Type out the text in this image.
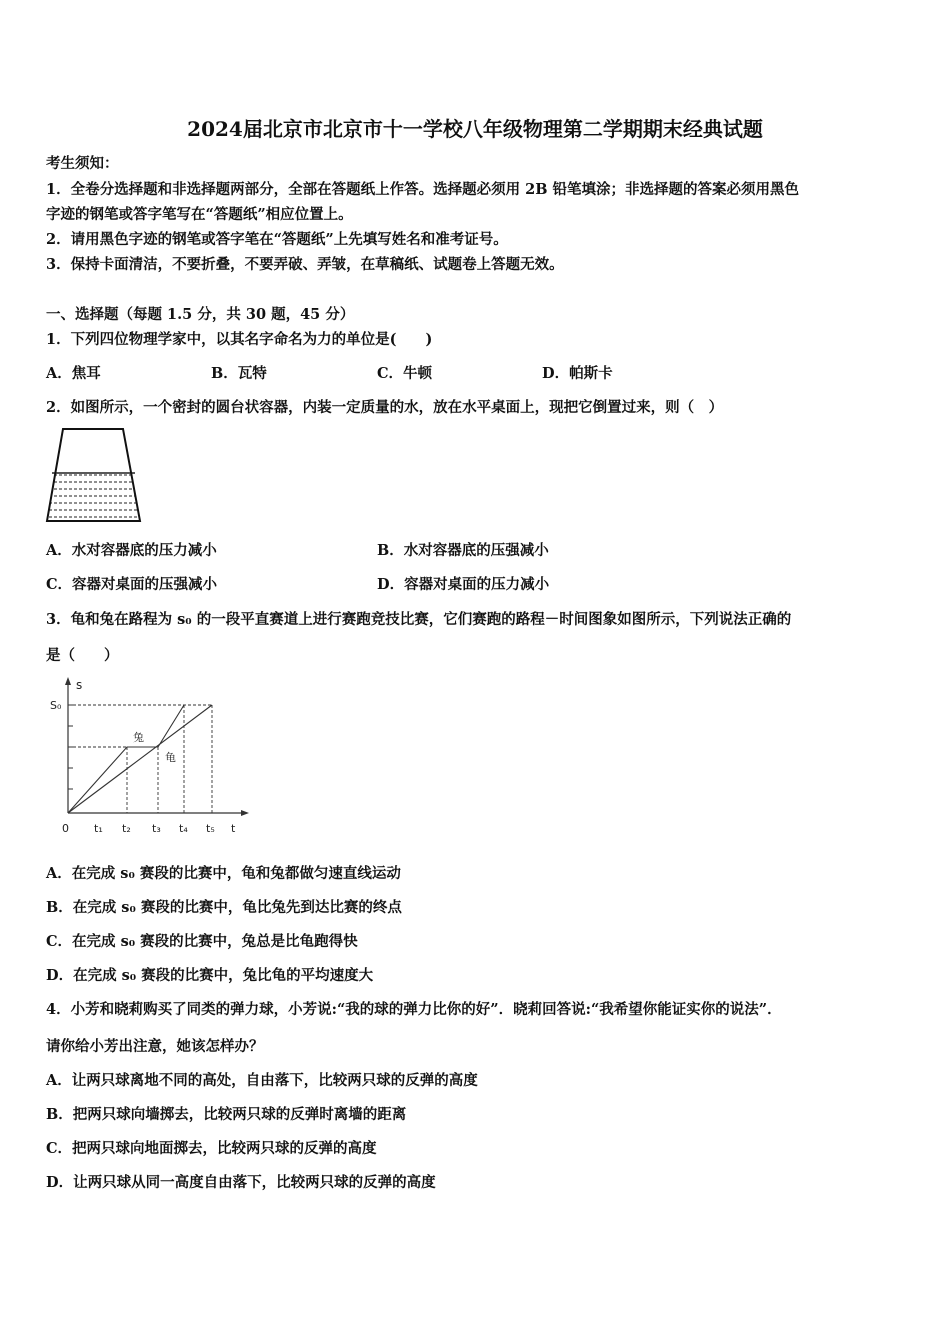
2024届北京市北京市十一学校八年级物理第二学期期末经典试题
考生须知：
1．全卷分选择题和非选择题两部分，全部在答题纸上作答。选择题必须用 2B 铅笔填涂；非选择题的答案必须用黑色
字迹的钢笔或答字笔写在“答题纸”相应位置上。
2．请用黑色字迹的钢笔或答字笔在“答题纸”上先填写姓名和准考证号。
3．保持卡面清洁，不要折叠，不要弄破、弄皱，在草稿纸、试题卷上答题无效。
一、选择题（每题 1.5 分，共 30 题，45 分）
1．下列四位物理学家中，以其名字命名为力的单位是(　　)
A．焦耳	B．瓦特	C．牛顿	D．帕斯卡
2．如图所示，一个密封的圆台状容器，内装一定质量的水，放在水平桌面上，现把它倒置过来，则（　）
A．水对容器底的压力减小	B．水对容器底的压强减小
C．容器对桌面的压强减小	D．容器对桌面的压力减小
3．龟和兔在路程为 s₀ 的一段平直赛道上进行赛跑竞技比赛，它们赛跑的路程－时间图象如图所示，下列说法正确的
是（　　）
s
S₀
兔
龟
0 t₁ t₂ t₃ t₄ t₅ t
A．在完成 s₀ 赛段的比赛中，龟和兔都做匀速直线运动
B．在完成 s₀ 赛段的比赛中，龟比兔先到达比赛的终点
C．在完成 s₀ 赛段的比赛中，兔总是比龟跑得快
D．在完成 s₀ 赛段的比赛中，兔比龟的平均速度大
4．小芳和晓莉购买了同类的弹力球，小芳说:“我的球的弹力比你的好”．晓莉回答说:“我希望你能证实你的说法”．
请你给小芳出注意，她该怎样办？
A．让两只球离地不同的高处，自由落下，比较两只球的反弹的高度
B．把两只球向墙掷去，比较两只球的反弹时离墙的距离
C．把两只球向地面掷去，比较两只球的反弹的高度
D．让两只球从同一高度自由落下，比较两只球的反弹的高度
